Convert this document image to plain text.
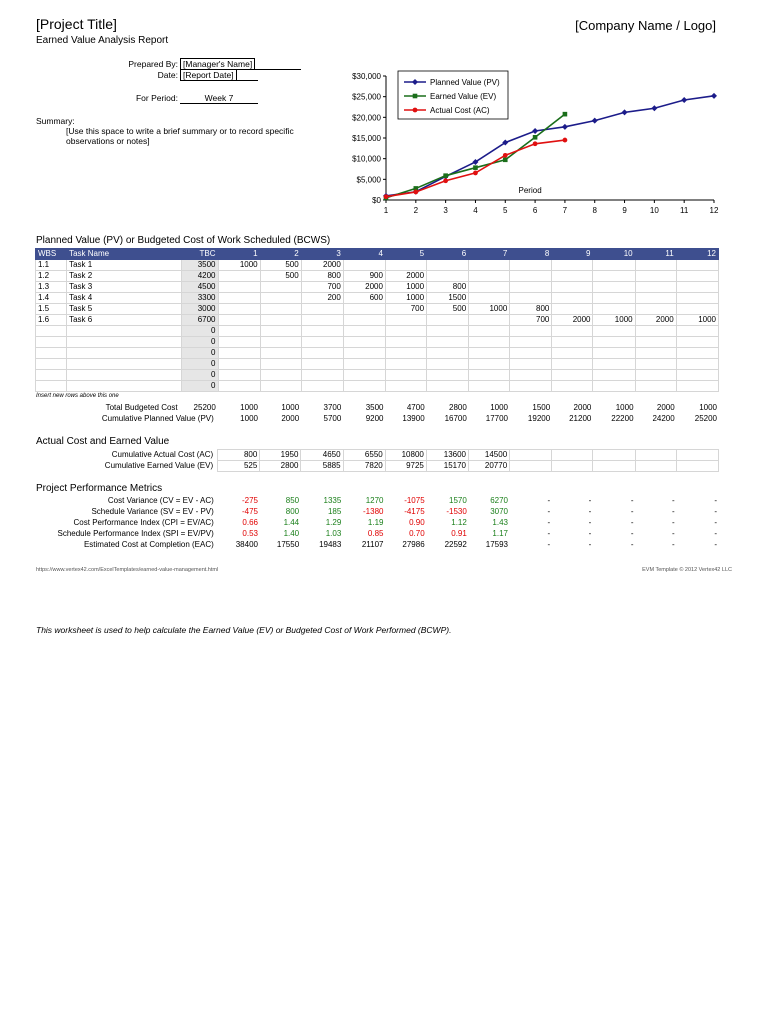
[Project Title]	[Company Name / Logo]
Earned Value Analysis Report
Prepared By: [Manager's Name]
Date: [Report Date]
For Period:	Week 7
Summary:
[Use this space to write a brief summary or to record specific observations or notes]
$0
$5,000
$10,000
$15,000
$20,000
$25,000
$30,000
1	2	3	4	5	6	7	8	9	10	11	12
Period
Planned Value (PV)
Earned Value (EV)
Actual Cost (AC)
Planned Value (PV) or Budgeted Cost of Work Scheduled (BCWS)
WBS	Task Name	TBC	1	2	3	4	5	6	7	8	9	10	11	12
1.1	Task 1	3500	1000	500	2000									
1.2	Task 2	4200		500	800	900	2000							
1.3	Task 3	4500			700	2000	1000	800						
1.4	Task 4	3300			200	600	1000	1500						
1.5	Task 5	3000					700	500	1000	800				
1.6	Task 6	6700								700	2000	1000	2000	1000
		0												
		0												
		0												
		0												
		0												
		0												
Insert new rows above this one
Total Budgeted Cost	25200	1000	1000	3700	3500	4700	2800	1000	1500	2000	1000	2000	1000
Cumulative Planned Value (PV)		1000	2000	5700	9200	13900	16700	17700	19200	21200	22200	24200	25200
Actual Cost and Earned Value
Cumulative Actual Cost (AC)	800	1950	4650	6550	10800	13600	14500					
Cumulative Earned Value (EV)	525	2800	5885	7820	9725	15170	20770					
Project Performance Metrics
Cost Variance (CV = EV - AC)	-275	850	1335	1270	-1075	1570	6270	-	-	-	-	-
Schedule Variance (SV = EV - PV)	-475	800	185	-1380	-4175	-1530	3070	-	-	-	-	-
Cost Performance Index (CPI = EV/AC)	0.66	1.44	1.29	1.19	0.90	1.12	1.43	-	-	-	-	-
Schedule Performance Index (SPI = EV/PV)	0.53	1.40	1.03	0.85	0.70	0.91	1.17	-	-	-	-	-
Estimated Cost at Completion (EAC)	38400	17550	19483	21107	27986	22592	17593	-	-	-	-	-
https://www.vertex42.com/ExcelTemplates/earned-value-management.html	EVM Template © 2012 Vertex42 LLC
This worksheet is used to help calculate the Earned Value (EV) or Budgeted Cost of Work Performed (BCWP).
